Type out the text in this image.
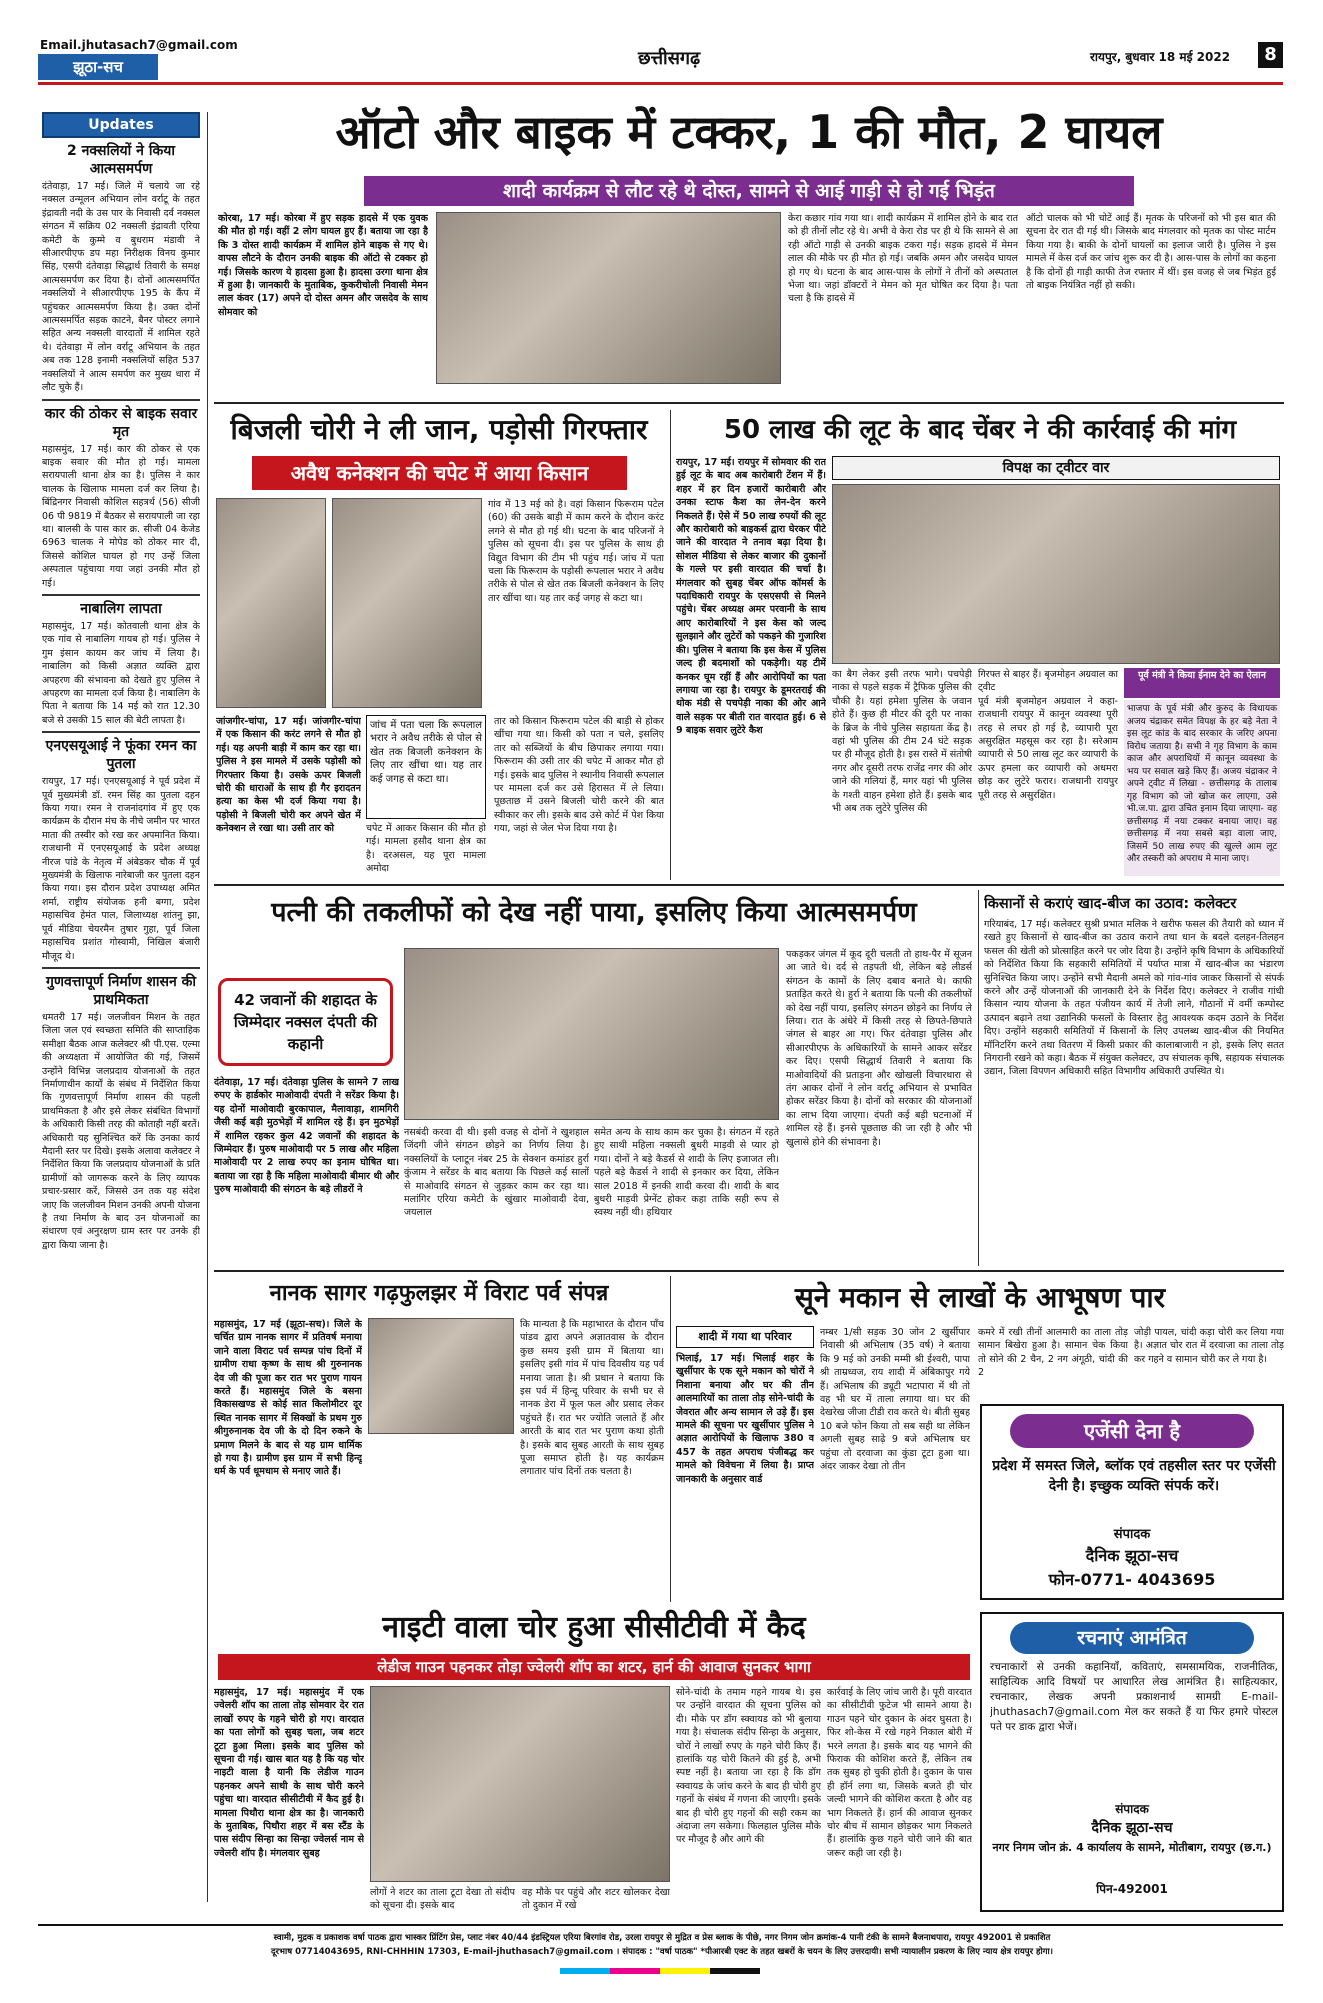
Email.jhutasach7@gmail.com
झूठा-सच	छत्तीसगढ़	रायपुर, बुधवार 18 मई 2022	8
Updates
2 नक्सलियों ने किया आत्मसमर्पण
दंतेवाड़ा, 17 मई। जिले में चलाये जा रहे नक्सल उन्मूलन अभियान लोन वर्राटू के तहत इंद्रावती नदी के उस पार के निवासी दर्व नक्सल संगठन में सक्रिय 02 नक्सली इंद्रावती एरिया कमेटी के कुम्मे व बुधराम मंडावी ने सीआरपीएफ डप महा निरीक्षक विनय कुमार सिंह, एसपी दंतेवाड़ा सिद्धार्थ तिवारी के समक्ष आत्मसमर्पण कर दिया है। दोनों आत्मसमर्पित नक्सलियों ने सीआरपीएफ 195 के कैंप में पहुंचकर आत्मसमर्पण किया है। उक्त दोनों आत्मसमर्पित सड़क काटने, बैनर पोस्टर लगाने सहित अन्य नक्सली वारदातों में शामिल रहते थे। दंतेवाड़ा में लोन वर्राटू अभियान के तहत अब तक 128 इनामी नक्सलियों सहित 537 नक्सलियों ने आत्म समर्पण कर मुख्य धारा में लौट चुके हैं।
कार की ठोकर से बाइक सवार मृत
महासमुंद, 17 मई। कार की ठोकर से एक बाइक सवार की मौत हो गई। मामला सरायपाली थाना क्षेत्र का है। पुलिस ने कार चालक के खिलाफ मामला दर्ज कर लिया है। बिंद्रिनगर निवासी कोशिल सहत्रर्थ (56) सीजी 06 पी 9819 में बैठकर से सरायपाली जा रहा था। बालसी के पास कार क्र. सीजी 04 केजेड 6963 चालक ने मोपेड को ठोकर मार दी, जिससे कोशिल घायल हो गए उन्हें जिला अस्पताल पहुंचाया गया जहां उनकी मौत हो गई।
नाबालिग लापता
महासमुंद, 17 मई। कोतवाली थाना क्षेत्र के एक गांव से नाबालिग गायब हो गई। पुलिस ने गुम इंसान कायम कर जांच में लिया है। नाबालिग को किसी अज्ञात व्यक्ति द्वारा अपहरण की संभावना को देखते हुए पुलिस ने अपहरण का मामला दर्ज किया है। नाबालिग के पिता ने बताया कि 14 मई को रात 12.30 बजे से उसकी 15 साल की बेटी लापता है।
एनएसयूआई ने फूंका रमन का पुतला
रायपुर, 17 मई। एनएसयूआई ने पूर्व प्रदेश में पूर्व मुख्यमंत्री डॉ. रमन सिंह का पुतला दहन किया गया। रमन ने राजनांदगांव में हुए एक कार्यक्रम के दौरान मंच के नीचे जमीन पर भारत माता की तस्वीर को रख कर अपमानित किया। राजधानी में एनएसयूआई के प्रदेश अध्यक्ष नीरज पांडे के नेतृत्व में अंबेडकर चौक में पूर्व मुख्यमंत्री के खिलाफ नारेबाजी कर पुतला दहन किया गया। इस दौरान प्रदेश उपाध्यक्ष अमित शर्मा, राष्ट्रीय संयोजक हनी बग्गा, प्रदेश महासचिव हेमंत पाल, जिलाध्यक्ष शांतनु झा, पूर्व मीडिया चेयरमैन तुषार गुहा, पूर्व जिला महासचिव प्रशांत गोस्वामी, निखिल बंजारी मौजूद थे।
गुणवत्तापूर्ण निर्माण शासन की प्राथमिकता
धमतरी 17 मई। जलजीवन मिशन के तहत जिला जल एवं स्वच्छता समिति की साप्ताहिक समीक्षा बैठक आज कलेक्टर श्री पी.एस. एल्मा की अध्यक्षता में आयोजित की गई, जिसमें उन्होंने विभिन्न जलप्रदाय योजनाओं के तहत निर्माणाधीन कार्यों के संबंध में निर्देशित किया कि गुणवत्तापूर्ण निर्माण शासन की पहली प्राथमिकता है और इसे लेकर संबंधित विभागों के अधिकारी किसी तरह की कोताही नहीं बरतें। अधिकारी यह सुनिश्चित करें कि उनका कार्य मैदानी स्तर पर दिखे। इसके अलावा कलेक्टर ने निर्देशित किया कि जलप्रदाय योजनाओं के प्रति ग्रामीणों को जागरूक करने के लिए व्यापक प्रचार-प्रसार करें, जिससे उन तक यह संदेश जाए कि जलजीवन मिशन उनकी अपनी योजना है तथा निर्माण के बाद उन योजनाओं का संधारण एवं अनुरक्षण ग्राम स्तर पर उनके ही द्वारा किया जाना है।
ऑटो और बाइक में टक्कर, 1 की मौत, 2 घायल
शादी कार्यक्रम से लौट रहे थे दोस्त, सामने से आई गाड़ी से हो गई भिड़ंत
कोरबा, 17 मई। कोरबा में हुए सड़क हादसे में एक युवक की मौत हो गई। वहीं 2 लोग घायल हुए हैं। बताया जा रहा है कि 3 दोस्त शादी कार्यक्रम में शामिल होने बाइक से गए थे। वापस लौटने के दौरान उनकी बाइक की ऑटो से टक्कर हो गई। जिसके कारण ये हादसा हुआ है। हादसा उरगा थाना क्षेत्र में हुआ है। जानकारी के मुताबिक, कुकरीचोली निवासी मेमन लाल कंवर (17) अपने दो दोस्त अमन और जसदेव के साथ सोमवार को
केरा कछार गांव गया था। शादी कार्यक्रम में शामिल होने के बाद रात को ही तीनों लौट रहे थे। अभी वे केरा रोड पर ही थे कि सामने से आ रही ऑटो गाड़ी से उनकी बाइक टकरा गई। सड़क हादसे में मेमन लाल की मौके पर ही मौत हो गई। जबकि अमन और जसदेव घायल हो गए थे। घटना के बाद आस-पास के लोगों ने तीनों को अस्पताल भेजा था। जहां डॉक्टरों ने मेमन को मृत घोषित कर दिया है। पता चला है कि हादसे में
ऑटो चालक को भी चोटें आई हैं। मृतक के परिजनों को भी इस बात की सूचना देर रात दी गई थी। जिसके बाद मंगलवार को मृतक का पोस्ट मार्टम किया गया है। बाकी के दोनों घायलों का इलाज जारी है। पुलिस ने इस मामले में केस दर्ज कर जांच शुरू कर दी है। आस-पास के लोगों का कहना है कि दोनों ही गाड़ी काफी तेज रफ्तार में थीं। इस वजह से जब भिड़ंत हुई तो बाइक नियंत्रित नहीं हो सकी।
बिजली चोरी ने ली जान, पड़ोसी गिरफ्तार
अवैध कनेक्शन की चपेट में आया किसान
गांव में 13 मई को है। वहां किसान फिरूराम पटेल (60) की उसके बाड़ी में काम करने के दौरान करंट लगने से मौत हो गई थी। घटना के बाद परिजनों ने पुलिस को सूचना दी। इस पर पुलिस के साथ ही विद्युत विभाग की टीम भी पहुंच गई। जांच में पता चला कि फिरूराम के पड़ोसी रूपलाल भरार ने अवैध तरीके से पोल से खेत तक बिजली कनेक्शन के लिए तार खींचा था। यह तार कई जगह से कटा था।
जांजगीर-चांपा, 17 मई। जांजगीर-चांपा में एक किसान की करंट लगने से मौत हो गई। यह अपनी बाड़ी में काम कर रहा था। पुलिस ने इस मामले में उसके पड़ोसी को गिरफ्तार किया है। उसके ऊपर बिजली चोरी की धाराओं के साथ ही गैर इरादतन हत्या का केस भी दर्ज किया गया है। पड़ोसी ने बिजली चोरी कर अपने खेत में कनेक्शन ले रखा था। उसी तार को
जांच में पता चला कि रूपलाल भरार ने अवैध तरीके से पोल से खेत तक बिजली कनेक्शन के लिए तार खींचा था। यह तार कई जगह से कटा था।
चपेट में आकर किसान की मौत हो गई। मामला हसौद थाना क्षेत्र का है। दरअसल, यह पूरा मामला अमोदा
तार को किसान फिरूराम पटेल की बाड़ी से होकर खींचा गया था। किसी को पता न चले, इसलिए तार को सब्जियों के बीच छिपाकर लगाया गया। फिरूराम की उसी तार की चपेट में आकर मौत हो गई। इसके बाद पुलिस ने स्थानीय निवासी रूपलाल पर मामला दर्ज कर उसे हिरासत में ले लिया। पूछताछ में उसने बिजली चोरी करने की बात स्वीकार कर ली। इसके बाद उसे कोर्ट में पेश किया गया, जहां से जेल भेज दिया गया है।
50 लाख की लूट के बाद चेंबर ने की कार्रवाई की मांग
रायपुर, 17 मई। रायपुर में सोमवार की रात हुई लूट के बाद अब कारोबारी टेंशन में हैं। शहर में हर दिन हजारों कारोबारी और उनका स्टाफ कैश का लेन-देन करने निकलते हैं। ऐसे में 50 लाख रुपयों की लूट और कारोबारी को बाइकर्स द्वारा घेरकर पीटे जाने की वारदात ने तनाव बढ़ा दिया है। सोशल मीडिया से लेकर बाजार की दुकानों के गल्ले पर इसी वारदात की चर्चा है। मंगलवार को सुबह चेंबर ऑफ कॉमर्स के पदाधिकारी रायपुर के एसएसपी से मिलने पहुंचे। चेंबर अध्यक्ष अमर परवानी के साथ आए कारोबारियों ने इस केस को जल्द सुलझाने और लुटेरों को पकड़ने की गुजारिश की। पुलिस ने बताया कि इस केस में पुलिस जल्द ही बदमाशों को पकड़ेगी। यह टीमें कनकर घूम रहीं हैं और आरोपियों का पता लगाया जा रहा है। रायपुर के डूमरतराई की थोक मंडी से पचपेड़ी नाका की ओर आने वाले सड़क पर बीती रात वारदात हुई। 6 से 9 बाइक सवार लुटेरे कैश
विपक्ष का ट्वीटर वार
का बैग लेकर इसी तरफ भागे। पचपेड़ी नाका से पहले सड़क में ट्रैफिक पुलिस की चौकी है। यहां हमेशा पुलिस के जवान होते हैं। कुछ ही मीटर की दूरी पर नाका के ब्रिज के नीचे पुलिस सहायता केंद्र है। वहां भी पुलिस की टीम 24 घंटे सड़क पर ही मौजूद होती है। इस रास्ते में संतोषी नगर और दूसरी तरफ राजेंद्र नगर की ओर जाने की गलियां हैं, मगर यहां भी पुलिस के गश्ती वाहन हमेशा होते हैं। इसके बाद भी अब तक लुटेरे पुलिस की
गिरफ्त से बाहर हैं। बृजमोहन अग्रवाल का ट्वीट
पूर्व मंत्री बृजमोहन अग्रवाल ने कहा- राजधानी रायपुर में कानून व्यवस्था पूरी तरह से लचर हो गई है, व्यापारी पूरा असुरक्षित महसूस कर रहा है। सरेआम व्यापारी से 50 लाख लूट कर व्यापारी के ऊपर हमला कर व्यापारी को अधमरा छोड़ कर लुटेरे फरार। राजधानी रायपुर पूरी तरह से असुरक्षित।
पूर्व मंत्री ने किया ईनाम देने का ऐलान
भाजपा के पूर्व मंत्री और कुरुद के विधायक अजय चंद्राकर समेत विपक्ष के हर बड़े नेता ने इस लूट कांड के बाद सरकार के जरिए अपना विरोध जताया है। सभी ने गृह विभाग के काम काज और अपराधियों में कानून व्यवस्था के भय पर सवाल खड़े किए हैं। अजय चंद्राकर ने अपने ट्वीट में लिखा - छत्तीसगढ़ के तालाब गृह विभाग को जो खोज कर लाएगा, उसे भी.ज.पा. द्वारा उचित इनाम दिया जाएगा- वह छत्तीसगढ़ में नया टक्कर बनाया जाए। वह छत्तीसगढ़ में नया सबसे बड़ा वाला जाए, जिसमें 50 लाख रुपए की खुल्ले आम लूट और तस्करी को अपराध मे माना जाए।
पत्नी की तकलीफों को देख नहीं पाया, इसलिए किया आत्मसमर्पण
42 जवानों की शहादत के जिम्मेदार नक्सल दंपती की कहानी
दंतेवाड़ा, 17 मई। दंतेवाड़ा पुलिस के सामने 7 लाख रुपए के हार्डकोर माओवादी दंपती ने सरेंडर किया है। यह दोनों माओवादी बुरकापाल, मैलावाड़ा, शामगिरी जैसी कई बड़ी मुठभेड़ों में शामिल रहे हैं। इन मुठभेड़ों में शामिल रहकर कुल 42 जवानों की शहादत के जिम्मेदार हैं। पुरुष माओवादी पर 5 लाख और महिला माओवादी पर 2 लाख रुपए का इनाम घोषित था। बताया जा रहा है कि महिला माओवादी बीमार थी और पुरुष माओवादी की संगठन के बड़े लीडरों ने
नसबंदी करवा दी थी। इसी वजह से दोनों ने खुशहाल जिंदगी जीने संगठन छोड़ने का निर्णय लिया है। नक्सलियों के प्लाटून नंबर 25 के सेक्शन कमांडर हुर्रा कुंजाम ने सरेंडर के बाद बताया कि पिछले कई सालों से माओवादि संगठन से जुड़कर काम कर रहा था। मलांगिर एरिया कमेटी के खुंखार माओवादी देवा, जयलाल
समेत अन्य के साथ काम कर चुका है। संगठन में रहते हुए साथी महिला नक्सली बुधरी माड़वी से प्यार हो गया। दोनों ने बड़े कैडर्स से शादी के लिए इजाजत ली। पहले बड़े कैडर्स ने शादी से इनकार कर दिया, लेकिन साल 2018 में इनकी शादी करवा दी। शादी के बाद बुधरी माड़वी प्रेग्नेंट होकर कहा ताकि सही रूप से स्वस्थ नहीं थी। हथियार
पकड़कर जंगल में कूद दूरी चलती तो हाथ-पैर में सूजन आ जाते थे। दर्द से तड़पती थी, लेकिन बड़े लीडर्स संगठन के कामों के लिए दबाव बनाते थे। काफी प्रताड़ित करते थे। हुर्रा ने बताया कि पत्नी की तकलीफों को देख नहीं पाया, इसलिए संगठन छोड़ने का निर्णय ले लिया। रात के अंधेरे में किसी तरह से छिपते-छिपाते जंगल से बाहर आ गए। फिर दंतेवाड़ा पुलिस और सीआरपीएफ के अधिकारियों के सामने आकर सरेंडर कर दिए। एसपी सिद्धार्थ तिवारी ने बताया कि माओवादियों की प्रताड़ना और खोखली विचारधारा से तंग आकर दोनों ने लोन वर्राटू अभियान से प्रभावित होकर सरेंडर किया है। दोनों को सरकार की योजनाओं का लाभ दिया जाएगा। दंपती कई बड़ी घटनाओं में शामिल रहे हैं। इनसे पूछताछ की जा रही है और भी खुलासे होने की संभावना है।
किसानों से कराएं खाद-बीज का उठाव: कलेक्टर
गरियाबंद, 17 मई। कलेक्टर सुश्री प्रभात मलिक ने खरीफ फसल की तैयारी को ध्यान में रखते हुए किसानों से खाद-बीज का उठाव कराने तथा धान के बदले दलहन-तिलहन फसल की खेती को प्रोत्साहित करने पर जोर दिया है। उन्होंने कृषि विभाग के अधिकारियों को निर्देशित किया कि सहकारी समितियों में पर्याप्त मात्रा में खाद-बीज का भंडारण सुनिश्चित किया जाए। उन्होंने सभी मैदानी अमले को गांव-गांव जाकर किसानों से संपर्क करने और उन्हें योजनाओं की जानकारी देने के निर्देश दिए। कलेक्टर ने राजीव गांधी किसान न्याय योजना के तहत पंजीयन कार्य में तेजी लाने, गौठानों में वर्मी कम्पोस्ट उत्पादन बढ़ाने तथा उद्यानिकी फसलों के विस्तार हेतु आवश्यक कदम उठाने के निर्देश दिए। उन्होंने सहकारी समितियों में किसानों के लिए उपलब्ध खाद-बीज की नियमित मॉनिटरिंग करने तथा वितरण में किसी प्रकार की कालाबाजारी न हो, इसके लिए सतत निगरानी रखने को कहा। बैठक में संयुक्त कलेक्टर, उप संचालक कृषि, सहायक संचालक उद्यान, जिला विपणन अधिकारी सहित विभागीय अधिकारी उपस्थित थे।
नानक सागर गढ़फुलझर में विराट पर्व संपन्न
महासमुंद, 17 मई (झूठा-सच)। जिले के चर्चित ग्राम नानक सागर में प्रतिवर्ष मनाया जाने वाला विराट पर्व सम्पन्न पांच दिनों में ग्रामीण राधा कृष्ण के साथ श्री गुरुनानक देव जी की पूजा कर रात भर पुराण गायन करते हैं। महासमुंद जिले के बसना विकासखण्ड से कोई सात किलोमीटर दूर स्थित नानक सागर में सिक्खों के प्रथम गुरु श्रीगुरुनानक देव जी के दो दिन रुकने के प्रमाण मिलने के बाद से यह ग्राम धार्मिक हो गया है। ग्रामीण इस ग्राम में सभी हिन्दू धर्म के पर्व धूमधाम से मनाए जाते हैं।
कि मान्यता है कि महाभारत के दौरान पाँच पांडव द्वारा अपने अज्ञातवास के दौरान कुछ समय इसी ग्राम में बिताया था। इसलिए इसी गांव में पांच दिवसीय यह पर्व मनाया जाता है। श्री प्रधान ने बताया कि इस पर्व में हिन्दू परिवार के सभी घर से नानक डेरा में फूल फल और प्रसाद लेकर पहुंचते हैं। रात भर ज्योति जलाते हैं और आरती के बाद रात भर पुराण कथा होती है। इसके बाद सुबह आरती के साथ सुबह पूजा समाप्त होती है। यह कार्यक्रम लगातार पांच दिनों तक चलता है।
सूने मकान से लाखों के आभूषण पार
शादी में गया था परिवार
भिलाई, 17 मई। भिलाई शहर के खुर्सीपार के एक सूने मकान को चोरों ने निशाना बनाया और घर की तीन आलमारियों का ताला तोड़ सोने-चांदी के जेवरात और अन्य सामान ले उड़े हैं। इस मामले की सूचना पर खुर्सीपार पुलिस ने अज्ञात आरोपियों के खिलाफ 380 व 457 के तहत अपराध पंजीबद्ध कर मामले को विवेचना में लिया है। प्राप्त जानकारी के अनुसार वार्ड
नम्बर 1/सी सड़क 30 जोन 2 खुर्सीपार निवासी श्री अभिलाष (35 वर्ष) ने बताया कि 9 मई को उनकी मम्मी श्री ईश्वरी, पापा श्री ताम्रध्वज, राय शादी में अंबिकापुर गये हैं। अभिलाष की ड्यूटी भटापारा में थी तो वह भी घर में ताला लगाया था। घर की देखरेख जीजा टीडी राव करते थे। बीती सुबह 10 बजे फोन किया तो सब सही था लेकिन अगली सुबह साढ़े 9 बजे अभिलाष घर पहुंचा तो दरवाजा का कुंडा टूटा हुआ था। अंदर जाकर देखा तो तीन
कमरे में रखी तीनों आलमारी का ताला तोड़ सामान बिखेरा हुआ है। सामान चेक किया तो सोने की 2 चैन, 2 नग अंगूठी, चांदी की 2
जोड़ी पायल, चांदी कड़ा चोरी कर लिया गया है। अज्ञात चोर रात में दरवाजा का ताला तोड़ कर गहने व सामान चोरी कर ले गया है।
एजेंसी देना है
प्रदेश में समस्त जिले, ब्लॉक एवं तहसील स्तर पर एजेंसी देनी है। इच्छुक व्यक्ति संपर्क करें।
संपादक
दैनिक झूठा-सच
फोन-0771- 4043695
नाइटी वाला चोर हुआ सीसीटीवी में कैद
लेडीज गाउन पहनकर तोड़ा ज्वेलरी शॉप का शटर, हार्न की आवाज सुनकर भागा
महासमुंद, 17 मई। महासमुंद में एक ज्वेलरी शॉप का ताला तोड़ सोमवार देर रात लाखों रुपए के गहने चोरी हो गए। वारदात का पता लोगों को सुबह चला, जब शटर टूटा हुआ मिला। इसके बाद पुलिस को सूचना दी गई। खास बात यह है कि यह चोर नाइटी वाला है यानी कि लेडीज गाउन पहनकर अपने साथी के साथ चोरी करने पहुंचा था। वारदात सीसीटीवी में कैद हुई है। मामला पिथौरा थाना क्षेत्र का है। जानकारी के मुताबिक, पिथौरा शहर में बस स्टैंड के पास संदीप सिन्हा का सिन्हा ज्वेलर्स नाम से ज्वेलरी शॉप है। मंगलवार सुबह
लोगों ने शटर का ताला टूटा देखा तो संदीप को सूचना दी। इसके बाद
वह मौके पर पहुंचे और शटर खोलकर देखा तो दुकान में रखे
सोने-चांदी के तमाम गहने गायब थे। इस पर उन्होंने वारदात की सूचना पुलिस को दी। मौके पर डॉग स्क्वायड को भी बुलाया गया है। संचालक संदीप सिन्हा के अनुसार, चोरों ने लाखों रुपए के गहने चोरी किए हैं। हालांकि यह चोरी कितने की हुई है, अभी स्पष्ट नहीं है। बताया जा रहा है कि डॉग स्क्वायड के जांच करने के बाद ही चोरी हुए गहनों के संबंध में गणना की जाएगी। इसके बाद ही चोरी हुए गहनों की सही रकम का अंदाजा लग सकेगा। फिलहाल पुलिस मौके पर मौजूद है और आगे की
कार्रवाई के लिए जांच जारी है। पूरी वारदात का सीसीटीवी फुटेज भी सामने आया है। गाउन पहने चोर दुकान के अंदर घुसता है। फिर शो-केस में रखे गहने निकाल बोरी में भरने लगता है। इसके बाद यह भागने की फिराक की कोशिश करते हैं, लेकिन तब तक सुबह हो चुकी होती है। दुकान के पास ही हॉर्न लगा था, जिसके बजते ही चोर जल्दी भागने की कोशिश करता है और वह भाग निकलते हैं। हार्न की आवाज सुनकर चोर बीच में सामान छोड़कर भाग निकलते हैं। हालांकि कुछ गहने चोरी जाने की बात जरूर कही जा रही है।
रचनाएं आमंत्रित
रचनाकारों से उनकी कहानियाँ, कविताएं, समसामयिक, राजनीतिक, साहित्यिक आदि विषयों पर आधारित लेख आमंत्रित है। साहित्यकार, रचनाकार, लेखक अपनी प्रकाशनार्थ सामग्री E-mail-jhuthasach7@gmail.com मेल कर सकते हैं या फिर हमारे पोस्टल पते पर डाक द्वारा भेजें।
संपादक
दैनिक झूठा-सच
नगर निगम जोन क्रं. 4 कार्यालय के सामने, मोतीबाग, रायपुर (छ.ग.)
पिन-492001
स्वामी, मुद्रक व प्रकाशक वर्षा पाठक द्वारा भास्कर प्रिंटिंग प्रेस, प्लाट नंबर 40/44 इंडस्ट्रियल एरिया बिरगांव रोड, उरला रायपुर से मुद्रित व प्रेस ब्लाक के पीछे, नगर निगम जोन क्रमांक-4 पानी टंकी के सामने बैजनाथपारा, रायपुर 492001 से प्रकाशित
दूरभाष 07714043695, RNI-CHHHIN 17303, E-mail-jhuthasach7@gmail.com । संपादक : "वर्षा पाठक" *पीआरबी एक्ट के तहत खबरों के चयन के लिए उत्तरदायी। सभी न्यायालीन प्रकरण के लिए न्याय क्षेत्र रायपुर होगा।
